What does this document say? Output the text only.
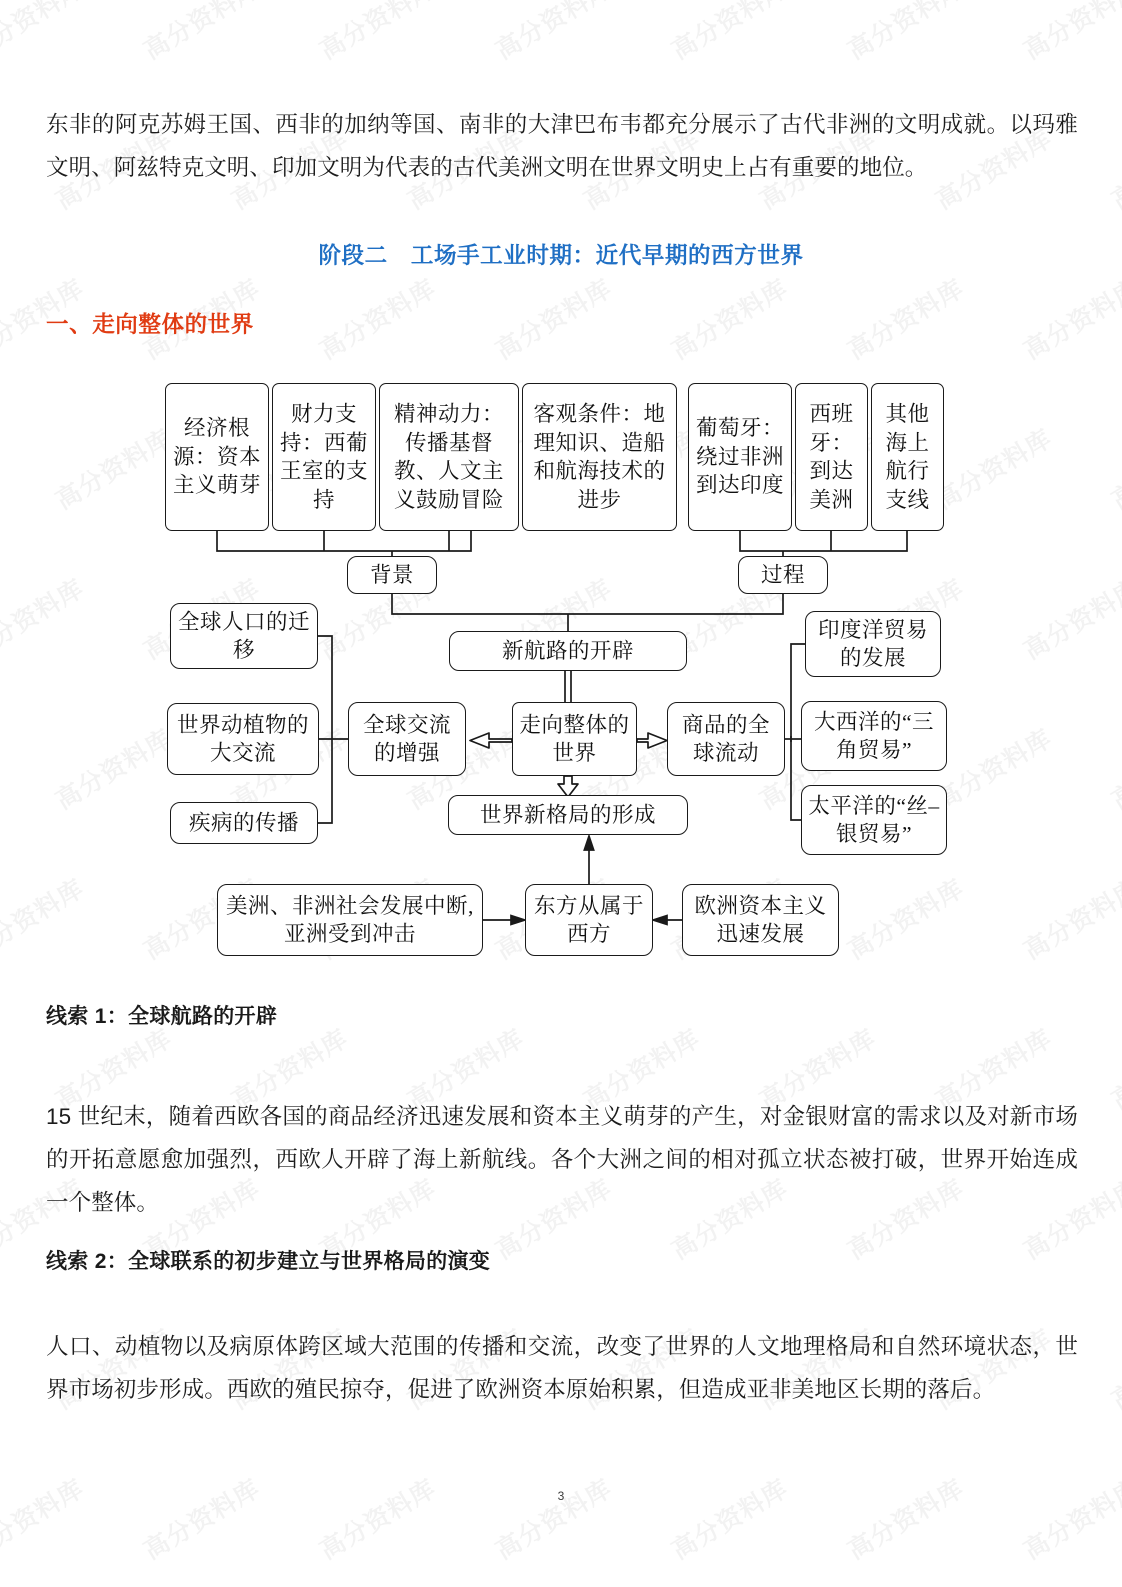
东非的阿克苏姆王国、西非的加纳等国、南非的大津巴布韦都充分展示了古代非洲的文明成就。以玛雅文明、阿兹特克文明、印加文明为代表的古代美洲文明在世界文明史上占有重要的地位。

阶段二　工场手工业时期：近代早期的西方世界
一、走向整体的世界
经济根源：资本主义萌芽
财力支持：西葡王室的支持
精神动力：传播基督教、人文主义鼓励冒险
客观条件：地理知识、造船和航海技术的进步
葡萄牙：绕过非洲到达印度
西班牙：到达美洲
其他海上航行支线
背景	过程
新航路的开辟
走向整体的世界
世界新格局的形成
全球交流的增强
全球人口的迁移
世界动植物的大交流
疾病的传播
商品的全球流动
印度洋贸易的发展
大西洋的“三角贸易”
太平洋的“丝–银贸易”
美洲、非洲社会发展中断,亚洲受到冲击
东方从属于西方
欧洲资本主义迅速发展
线索 1：全球航路的开辟

15 世纪末，随着西欧各国的商品经济迅速发展和资本主义萌芽的产生，对金银财富的需求以及对新市场的开拓意愿愈加强烈，西欧人开辟了海上新航线。各个大洲之间的相对孤立状态被打破，世界开始连成一个整体。

线索 2：全球联系的初步建立与世界格局的演变

人口、动植物以及病原体跨区域大范围的传播和交流，改变了世界的人文地理格局和自然环境状态，世界市场初步形成。西欧的殖民掠夺，促进了欧洲资本原始积累，但造成亚非美地区长期的落后。

3
